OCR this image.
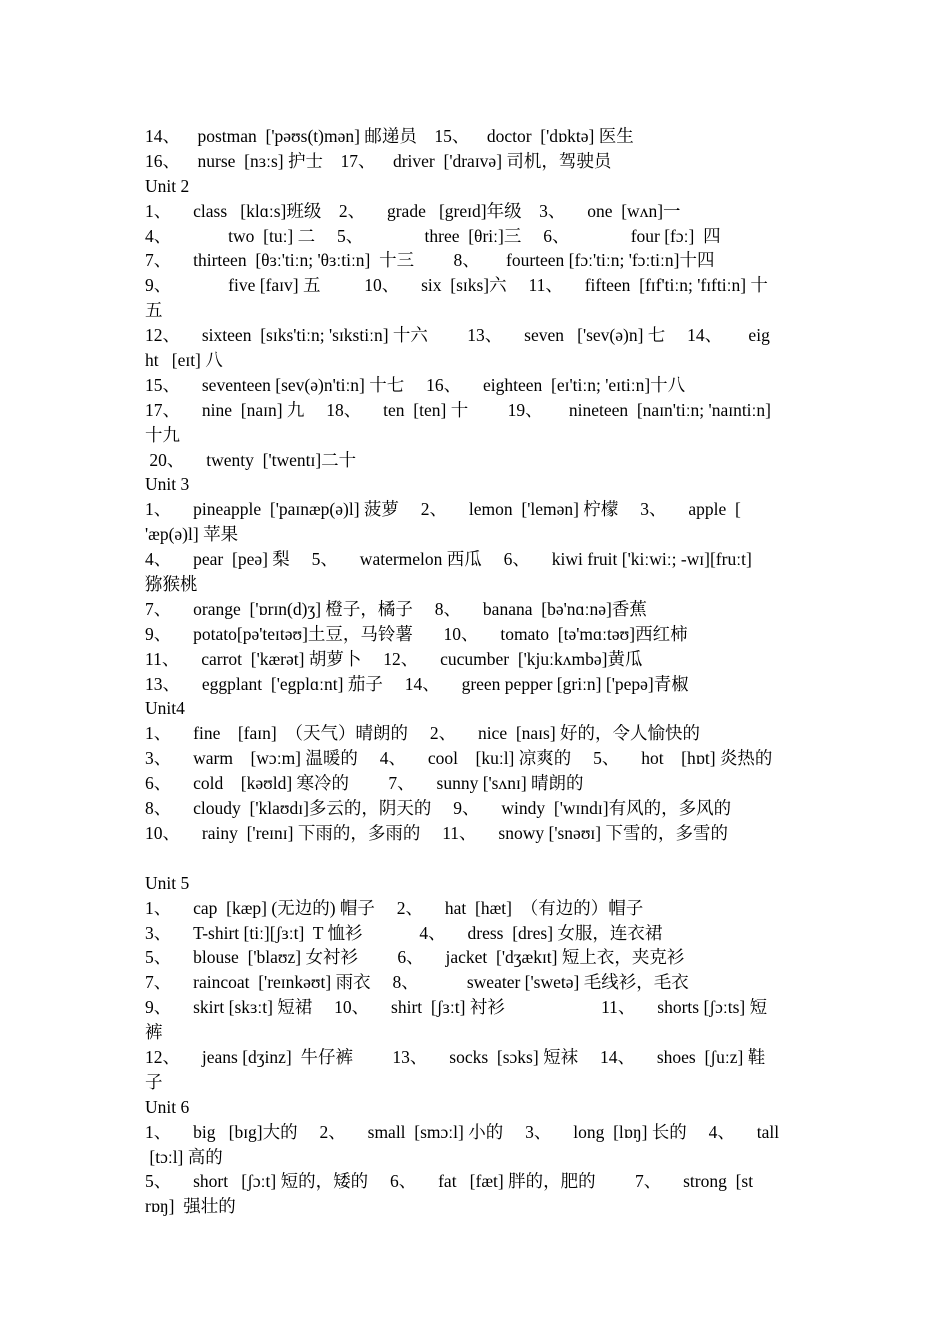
14、    postman  ['pəʊs(t)mən] 邮递员    15、    doctor  ['dɒktə] 医生
16、    nurse  [nɜːs] 护士    17、    driver  ['draɪvə] 司机，驾驶员
Unit 2
1、     class   [klɑːs]班级    2、     grade   [greɪd]年级    3、     one  [wʌn]一
4、             two  [tuː] 二     5、              three  [θriː]三     6、              four [fɔː]  四
7、     thirteen  [θɜː'tiːn; 'θɜːtiːn]  十三         8、      fourteen [fɔː'tiːn; 'fɔːtiːn]十四
9、             five [faɪv] 五          10、     six  [sɪks]六     11、     fifteen  [fɪf'tiːn; 'fɪftiːn] 十
五
12、     sixteen  [sɪks'tiːn; 'sɪkstiːn] 十六         13、     seven   ['sev(ə)n] 七     14、      eig
ht   [eɪt] 八
15、     seventeen [sev(ə)n'tiːn] 十七     16、     eighteen  [eɪ'tiːn; 'eɪtiːn]十八
17、     nine  [naɪn] 九     18、     ten  [ten] 十         19、      nineteen  [naɪn'tiːn; 'naɪntiːn]
十九
20、     twenty  ['twentɪ]二十
Unit 3
1、     pineapple  ['paɪnæp(ə)l] 菠萝     2、     lemon  ['lemən] 柠檬     3、     apple  [
'æp(ə)l] 苹果
4、     pear  [peə] 梨     5、     watermelon 西瓜     6、     kiwi fruit ['kiːwiː; -wɪ][fruːt]
猕猴桃
7、     orange  ['ɒrɪn(d)ʒ] 橙子，橘子     8、     banana  [bə'nɑːnə]香蕉
9、     potato[pə'teɪtəʊ]土豆，马铃薯       10、     tomato  [tə'mɑːtəʊ]西红柿
11、     carrot  ['kærət] 胡萝卜     12、     cucumber  ['kjuːkʌmbə]黄瓜
13、     eggplant  ['egplɑːnt] 茄子     14、     green pepper [griːn] ['pepə]青椒
Unit4
1、     fine    [faɪn]  （天气）晴朗的     2、     nice  [naɪs] 好的，令人愉快的
3、     warm    [wɔːm] 温暖的     4、     cool    [kuːl] 凉爽的     5、     hot    [hɒt] 炎热的
6、     cold    [kəʊld] 寒冷的         7、     sunny ['sʌnɪ] 晴朗的
8、     cloudy  ['klaʊdɪ]多云的，阴天的     9、     windy  ['wɪndɪ]有风的，多风的
10、     rainy  ['reɪnɪ] 下雨的，多雨的     11、     snowy ['snəʊɪ] 下雪的，多雪的
Unit 5
1、     cap  [kæp] (无边的) 帽子     2、     hat  [hæt]  （有边的）帽子
3、     T-shirt [tiː][ʃɜːt]  T 恤衫             4、     dress  [dres] 女服，连衣裙
5、     blouse  ['blaʊz] 女衬衫         6、     jacket  ['dʒækɪt] 短上衣，夹克衫
7、     raincoat  ['reɪnkəʊt] 雨衣     8、           sweater ['swetə] 毛线衫，毛衣
9、     skirt [skɜːt] 短裙     10、     shirt  [ʃɜːt] 衬衫                      11、     shorts [ʃɔːts] 短
裤
12、     jeans [dʒinz]  牛仔裤         13、     socks  [sɔks] 短袜     14、     shoes  [ʃuːz] 鞋
子
Unit 6
1、     big   [bɪg]大的     2、     small  [smɔːl] 小的     3、     long  [lɒŋ] 长的     4、     tall
[tɔːl] 高的
5、     short   [ʃɔːt] 短的，矮的     6、     fat   [fæt] 胖的，肥的         7、     strong  [st
rɒŋ]  强壮的
